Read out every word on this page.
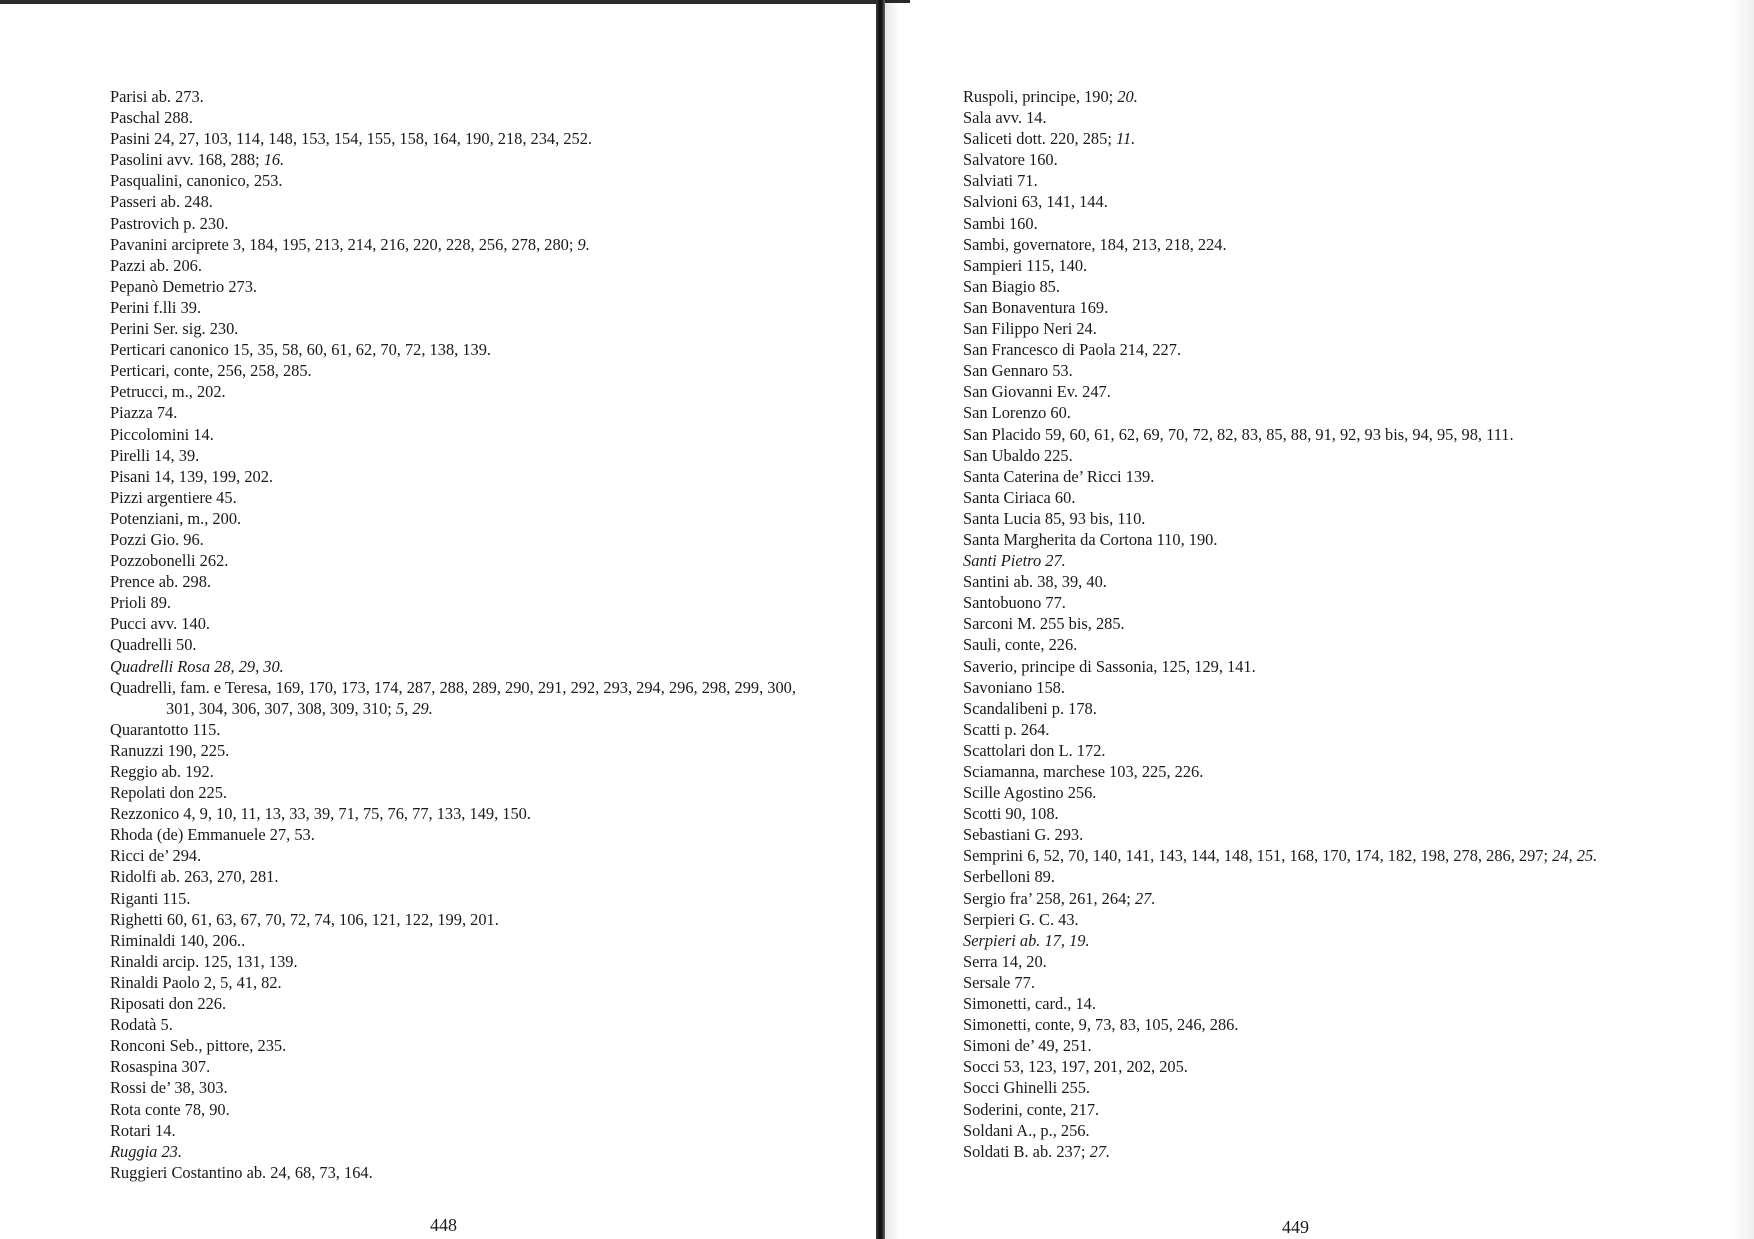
Parisi ab. 273.
Paschal 288.
Pasini 24, 27, 103, 114, 148, 153, 154, 155, 158, 164, 190, 218, 234, 252.
Pasolini avv. 168, 288; 16.
Pasqualini, canonico, 253.
Passeri ab. 248.
Pastrovich p. 230.
Pavanini arciprete 3, 184, 195, 213, 214, 216, 220, 228, 256, 278, 280; 9.
Pazzi ab. 206.
Pepanò Demetrio 273.
Perini f.lli 39.
Perini Ser. sig. 230.
Perticari canonico 15, 35, 58, 60, 61, 62, 70, 72, 138, 139.
Perticari, conte, 256, 258, 285.
Petrucci, m., 202.
Piazza 74.
Piccolomini 14.
Pirelli 14, 39.
Pisani 14, 139, 199, 202.
Pizzi argentiere 45.
Potenziani, m., 200.
Pozzi Gio. 96.
Pozzobonelli 262.
Prence ab. 298.
Prioli 89.
Pucci avv. 140.
Quadrelli 50.
Quadrelli Rosa 28, 29, 30.
Quadrelli, fam. e Teresa, 169, 170, 173, 174, 287, 288, 289, 290, 291, 292, 293, 294, 296, 298, 299, 300, 301, 304, 306, 307, 308, 309, 310; 5, 29.
Quarantotto 115.
Ranuzzi 190, 225.
Reggio ab. 192.
Repolati don 225.
Rezzonico 4, 9, 10, 11, 13, 33, 39, 71, 75, 76, 77, 133, 149, 150.
Rhoda (de) Emmanuele 27, 53.
Ricci de’ 294.
Ridolfi ab. 263, 270, 281.
Riganti 115.
Righetti 60, 61, 63, 67, 70, 72, 74, 106, 121, 122, 199, 201.
Riminaldi 140, 206..
Rinaldi arcip. 125, 131, 139.
Rinaldi Paolo 2, 5, 41, 82.
Riposati don 226.
Rodatà 5.
Ronconi Seb., pittore, 235.
Rosaspina 307.
Rossi de’ 38, 303.
Rota conte 78, 90.
Rotari 14.
Ruggia 23.
Ruggieri Costantino ab. 24, 68, 73, 164.
Ruspoli, principe, 190; 20.
Sala avv. 14.
Saliceti dott. 220, 285; 11.
Salvatore 160.
Salviati 71.
Salvioni 63, 141, 144.
Sambi 160.
Sambi, governatore, 184, 213, 218, 224.
Sampieri 115, 140.
San Biagio 85.
San Bonaventura 169.
San Filippo Neri 24.
San Francesco di Paola 214, 227.
San Gennaro 53.
San Giovanni Ev. 247.
San Lorenzo 60.
San Placido 59, 60, 61, 62, 69, 70, 72, 82, 83, 85, 88, 91, 92, 93 bis, 94, 95, 98, 111.
San Ubaldo 225.
Santa Caterina de’ Ricci 139.
Santa Ciriaca 60.
Santa Lucia 85, 93 bis, 110.
Santa Margherita da Cortona 110, 190.
Santi Pietro 27.
Santini ab. 38, 39, 40.
Santobuono 77.
Sarconi M. 255 bis, 285.
Sauli, conte, 226.
Saverio, principe di Sassonia, 125, 129, 141.
Savoniano 158.
Scandalibeni p. 178.
Scatti p. 264.
Scattolari don L. 172.
Sciamanna, marchese 103, 225, 226.
Scille Agostino 256.
Scotti 90, 108.
Sebastiani G. 293.
Semprini 6, 52, 70, 140, 141, 143, 144, 148, 151, 168, 170, 174, 182, 198, 278, 286, 297; 24, 25.
Serbelloni 89.
Sergio fra’ 258, 261, 264; 27.
Serpieri G. C. 43.
Serpieri ab. 17, 19.
Serra 14, 20.
Sersale 77.
Simonetti, card., 14.
Simonetti, conte, 9, 73, 83, 105, 246, 286.
Simoni de’ 49, 251.
Socci 53, 123, 197, 201, 202, 205.
Socci Ghinelli 255.
Soderini, conte, 217.
Soldani A., p., 256.
Soldati B. ab. 237; 27.
448	449
